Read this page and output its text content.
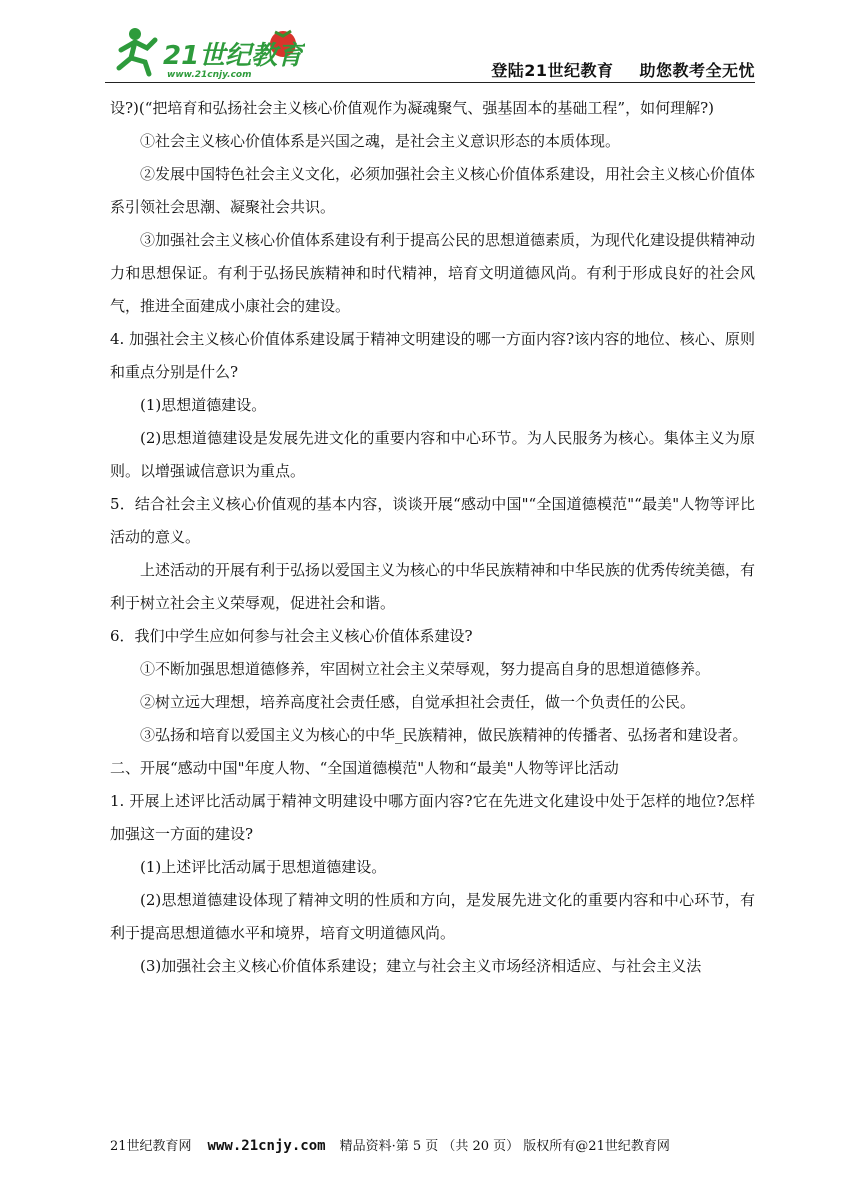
21世纪教育
www.21cnjy.com	登陆21世纪教育 助您教考全无忧

设?)(“把培育和弘扬社会主义核心价值观作为凝魂聚气、强基固本的基础工程”，如何理解?)

①社会主义核心价值体系是兴国之魂，是社会主义意识形态的本质体现。

②发展中国特色社会主义文化，必须加强社会主义核心价值体系建设，用社会主义核心价值体系引领社会思潮、凝聚社会共识。

③加强社会主义核心价值体系建设有利于提高公民的思想道德素质，为现代化建设提供精神动力和思想保证。有利于弘扬民族精神和时代精神，培育文明道德风尚。有利于形成良好的社会风气，推进全面建成小康社会的建设。

4. 加强社会主义核心价值体系建设属于精神文明建设的哪一方面内容?该内容的地位、核心、原则和重点分别是什么?

(1)思想道德建设。

(2)思想道德建设是发展先进文化的重要内容和中心环节。为人民服务为核心。集体主义为原则。以增强诚信意识为重点。

5．结合社会主义核心价值观的基本内容，谈谈开展“感动中国"“全国道德模范"“最美"人物等评比活动的意义。

上述活动的开展有利于弘扬以爱国主义为核心的中华民族精神和中华民族的优秀传统美德，有利于树立社会主义荣辱观，促进社会和谐。

6．我们中学生应如何参与社会主义核心价值体系建设?

①不断加强思想道德修养，牢固树立社会主义荣辱观，努力提高自身的思想道德修养。

②树立远大理想，培养高度社会责任感，自觉承担社会责任，做一个负责任的公民。

③弘扬和培育以爱国主义为核心的中华_民族精神，做民族精神的传播者、弘扬者和建设者。

二、开展“感动中国"年度人物、“全国道德模范"人物和“最美"人物等评比活动

1. 开展上述评比活动属于精神文明建设中哪方面内容?它在先进文化建设中处于怎样的地位?怎样加强这一方面的建设?

(1)上述评比活动属于思想道德建设。

(2)思想道德建设体现了精神文明的性质和方向，是发展先进文化的重要内容和中心环节，有利于提高思想道德水平和境界，培育文明道德风尚。

(3)加强社会主义核心价值体系建设；建立与社会主义市场经济相适应、与社会主义法

21世纪教育网 www.21cnjy.com 精品资料·第 5 页 （共 20 页） 版权所有@21世纪教育网
